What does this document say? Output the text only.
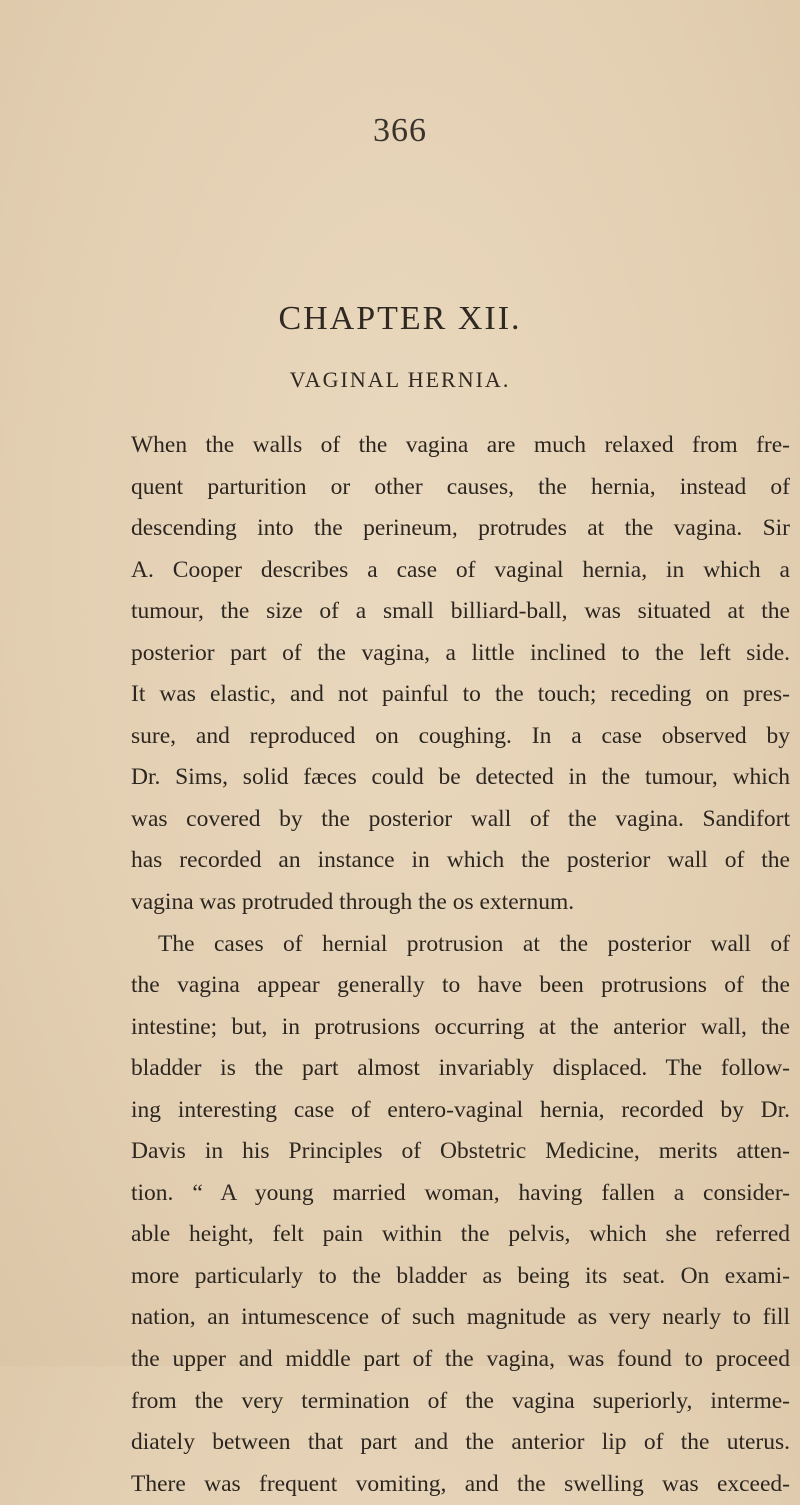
366
CHAPTER XII.
VAGINAL HERNIA.
When the walls of the vagina are much relaxed from fre-
quent parturition or other causes, the hernia, instead of
descending into the perineum, protrudes at the vagina. Sir
A. Cooper describes a case of vaginal hernia, in which a
tumour, the size of a small billiard-ball, was situated at the
posterior part of the vagina, a little inclined to the left side.
It was elastic, and not painful to the touch; receding on pres-
sure, and reproduced on coughing. In a case observed by
Dr. Sims, solid fæces could be detected in the tumour, which
was covered by the posterior wall of the vagina. Sandifort
has recorded an instance in which the posterior wall of the
vagina was protruded through the os externum.
The cases of hernial protrusion at the posterior wall of
the vagina appear generally to have been protrusions of the
intestine; but, in protrusions occurring at the anterior wall, the
bladder is the part almost invariably displaced. The follow-
ing interesting case of entero-vaginal hernia, recorded by Dr.
Davis in his Principles of Obstetric Medicine, merits atten-
tion. “ A young married woman, having fallen a consider-
able height, felt pain within the pelvis, which she referred
more particularly to the bladder as being its seat. On exami-
nation, an intumescence of such magnitude as very nearly to fill
the upper and middle part of the vagina, was found to proceed
from the very termination of the vagina superiorly, interme-
diately between that part and the anterior lip of the uterus.
There was frequent vomiting, and the swelling was exceed-
